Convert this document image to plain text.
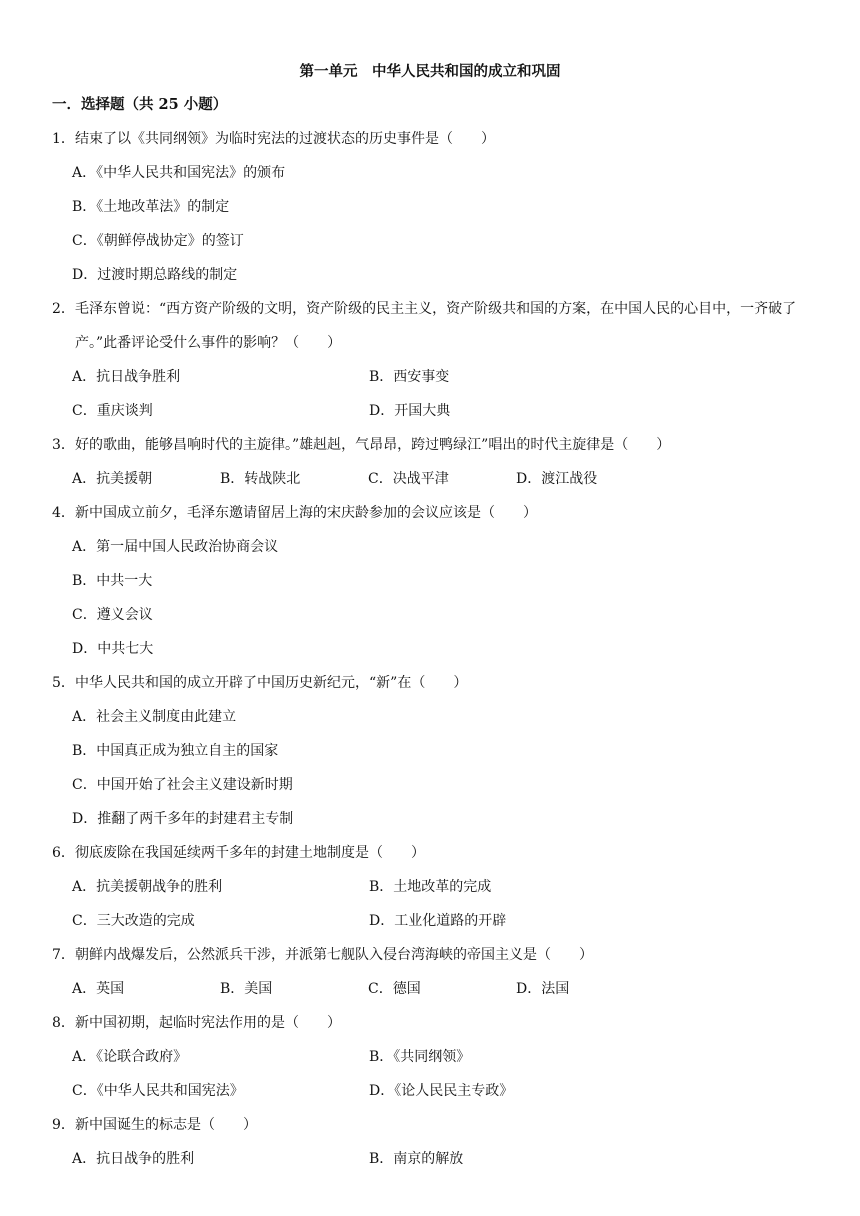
第一单元　中华人民共和国的成立和巩固
一．选择题（共 25 小题）
1．结束了以《共同纲领》为临时宪法的过渡状态的历史事件是（　　）
A．《中华人民共和国宪法》的颁布
B．《土地改革法》的制定
C．《朝鲜停战协定》的签订
D．过渡时期总路线的制定
2．毛泽东曾说：“西方资产阶级的文明，资产阶级的民主主义，资产阶级共和国的方案，在中国人民的心目中，一齐破了产。”此番评论受什么事件的影响？（　　）
A．抗日战争胜利	B．西安事变
C．重庆谈判	D．开国大典
3．好的歌曲，能够昌响时代的主旋律。”雄赳赳，气昂昂，跨过鸭绿江”唱出的时代主旋律是（　　）
A．抗美援朝	B．转战陕北	C．决战平津	D．渡江战役
4．新中国成立前夕，毛泽东邀请留居上海的宋庆龄参加的会议应该是（　　）
A．第一届中国人民政治协商会议
B．中共一大
C．遵义会议
D．中共七大
5．中华人民共和国的成立开辟了中国历史新纪元，“新”在（　　）
A．社会主义制度由此建立
B．中国真正成为独立自主的国家
C．中国开始了社会主义建设新时期
D．推翻了两千多年的封建君主专制
6．彻底废除在我国延续两千多年的封建土地制度是（　　）
A．抗美援朝战争的胜利	B．土地改革的完成
C．三大改造的完成	D．工业化道路的开辟
7．朝鲜内战爆发后，公然派兵干涉，并派第七舰队入侵台湾海峡的帝国主义是（　　）
A．英国	B．美国	C．德国	D．法国
8．新中国初期，起临时宪法作用的是（　　）
A．《论联合政府》	B．《共同纲领》
C．《中华人民共和国宪法》	D．《论人民民主专政》
9．新中国诞生的标志是（　　）
A．抗日战争的胜利	B．南京的解放
